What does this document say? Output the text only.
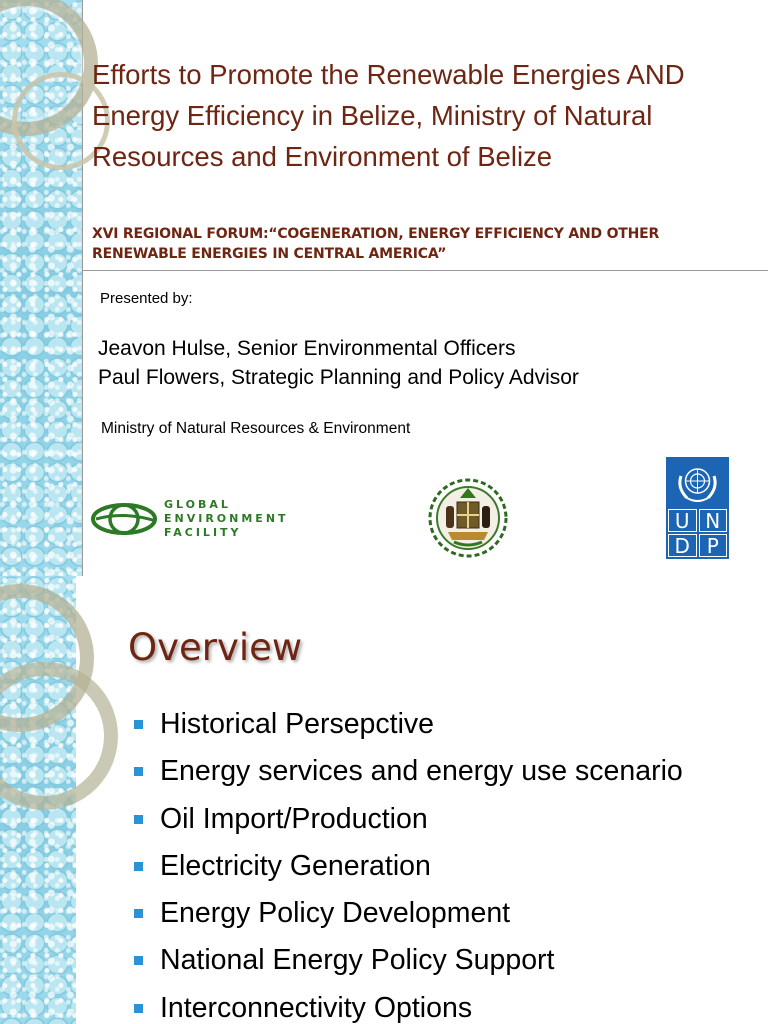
Efforts to Promote the Renewable Energies AND Energy Efficiency in Belize, Ministry of Natural Resources and Environment of Belize
XVI REGIONAL FORUM:“COGENERATION, ENERGY EFFICIENCY AND OTHER RENEWABLE ENERGIES IN CENTRAL AMERICA”
Presented by:
Jeavon Hulse, Senior Environmental Officers
Paul Flowers, Strategic Planning and Policy Advisor
Ministry of Natural Resources & Environment
GLOBAL
ENVIRONMENT
FACILITY	U N
D P
Overview
Historical Persepctive
Energy services and energy use scenario
Oil Import/Production
Electricity Generation
Energy Policy Development
National Energy Policy Support
Interconnectivity Options
